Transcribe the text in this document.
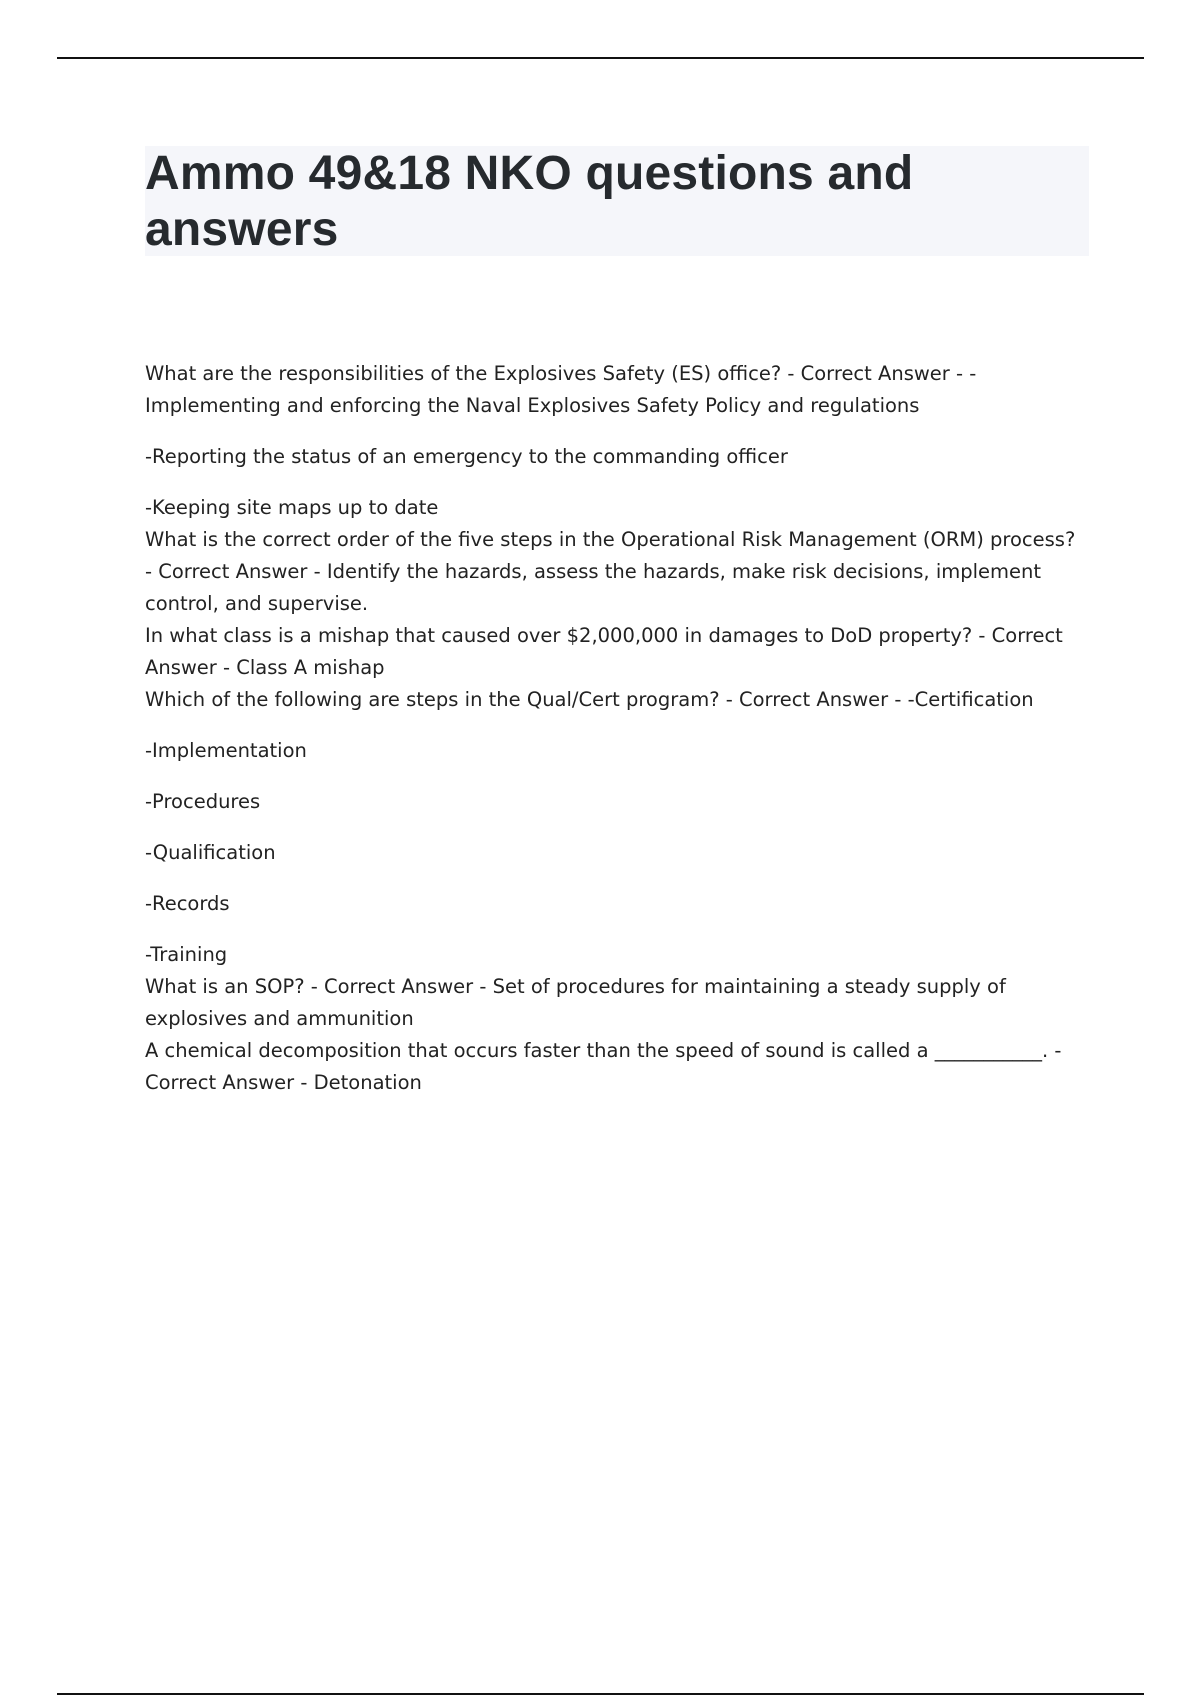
Ammo 49&18 NKO questions and answers

What are the responsibilities of the Explosives Safety (ES) office? - Correct Answer - -Implementing and enforcing the Naval Explosives Safety Policy and regulations

-Reporting the status of an emergency to the commanding officer

-Keeping site maps up to date

What is the correct order of the five steps in the Operational Risk Management (ORM) process? - Correct Answer - Identify the hazards, assess the hazards, make risk decisions, implement control, and supervise.

In what class is a mishap that caused over $2,000,000 in damages to DoD property? - Correct Answer - Class A mishap

Which of the following are steps in the Qual/Cert program? - Correct Answer - -Certification

-Implementation

-Procedures

-Qualification

-Records

-Training

What is an SOP? - Correct Answer - Set of procedures for maintaining a steady supply of explosives and ammunition

A chemical decomposition that occurs faster than the speed of sound is called a ___________. - Correct Answer - Detonation
